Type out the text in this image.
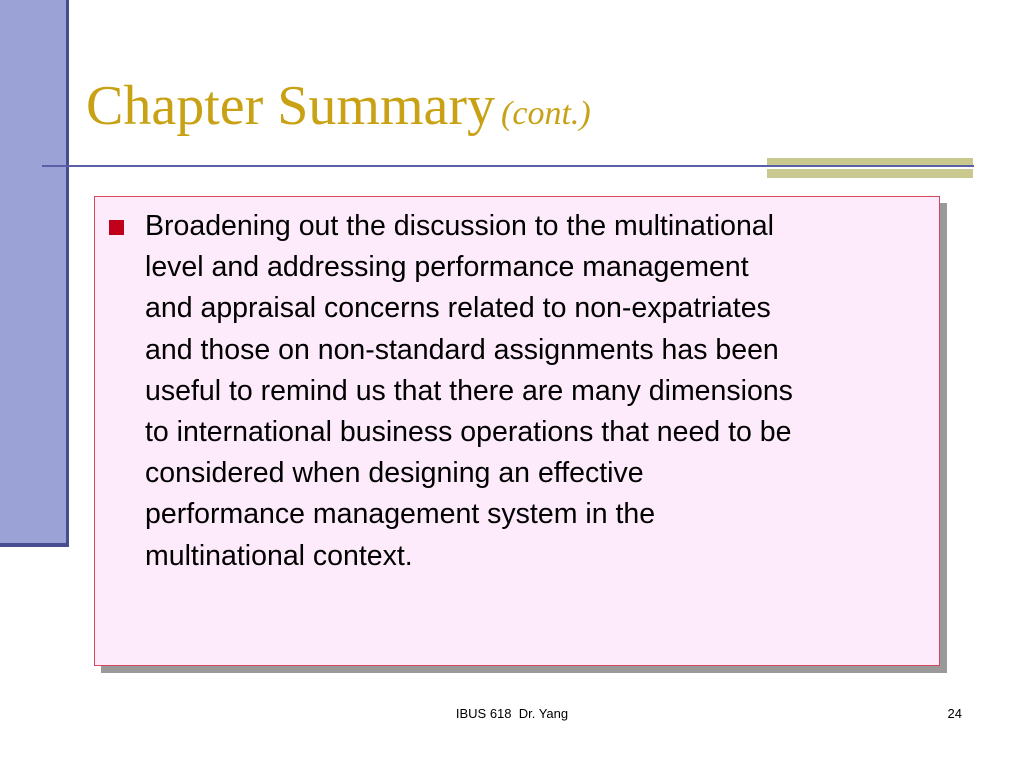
Chapter Summary (cont.)
Broadening out the discussion to the multinational
level and addressing performance management
and appraisal concerns related to non-expatriates
and those on non-standard assignments has been
useful to remind us that there are many dimensions
to international business operations that need to be
considered when designing an effective
performance management system in the
multinational context.
IBUS 618  Dr. Yang	24
